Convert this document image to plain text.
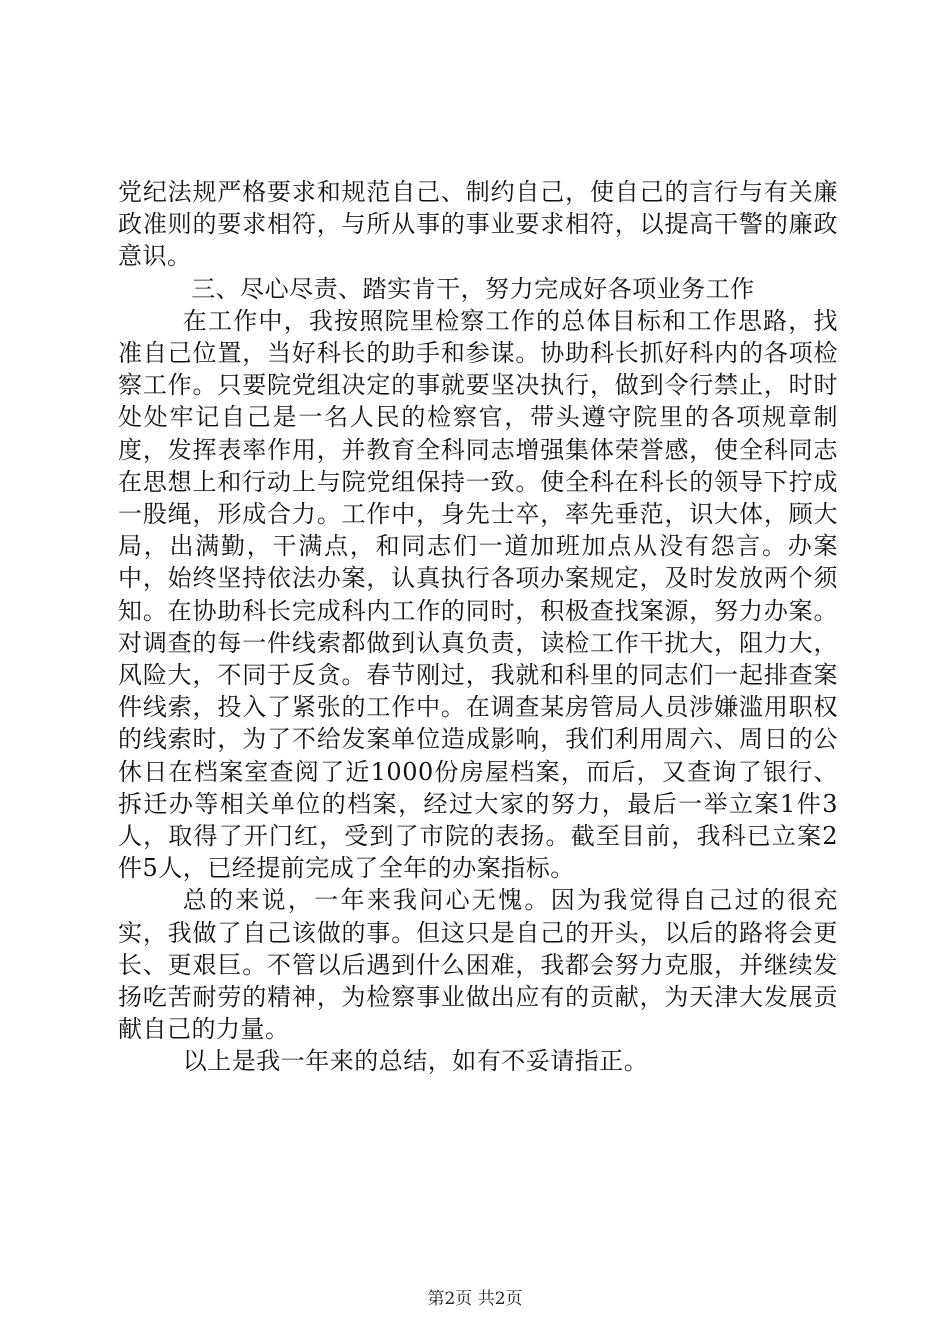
党纪法规严格要求和规范自己、制约自己，使自己的言行与有关廉政准则的要求相符，与所从事的事业要求相符，以提高干警的廉政意识。

三、尽心尽责、踏实肯干，努力完成好各项业务工作

在工作中，我按照院里检察工作的总体目标和工作思路，找准自己位置，当好科长的助手和参谋。协助科长抓好科内的各项检察工作。只要院党组决定的事就要坚决执行，做到令行禁止，时时处处牢记自己是一名人民的检察官，带头遵守院里的各项规章制度，发挥表率作用，并教育全科同志增强集体荣誉感，使全科同志在思想上和行动上与院党组保持一致。使全科在科长的领导下拧成一股绳，形成合力。工作中，身先士卒，率先垂范，识大体，顾大局，出满勤，干满点，和同志们一道加班加点从没有怨言。办案中，始终坚持依法办案，认真执行各项办案规定，及时发放两个须知。在协助科长完成科内工作的同时，积极查找案源，努力办案。对调查的每一件线索都做到认真负责，读检工作干扰大，阻力大，风险大，不同于反贪。春节刚过，我就和科里的同志们一起排查案件线索，投入了紧张的工作中。在调查某房管局人员涉嫌滥用职权的线索时，为了不给发案单位造成影响，我们利用周六、周日的公休日在档案室查阅了近1000份房屋档案，而后，又查询了银行、拆迁办等相关单位的档案，经过大家的努力，最后一举立案1件3人，取得了开门红，受到了市院的表扬。截至目前，我科已立案2件5人，已经提前完成了全年的办案指标。

总的来说，一年来我问心无愧。因为我觉得自己过的很充实，我做了自己该做的事。但这只是自己的开头，以后的路将会更长、更艰巨。不管以后遇到什么困难，我都会努力克服，并继续发扬吃苦耐劳的精神，为检察事业做出应有的贡献，为天津大发展贡献自己的力量。

以上是我一年来的总结，如有不妥请指正。

第2页 共2页
